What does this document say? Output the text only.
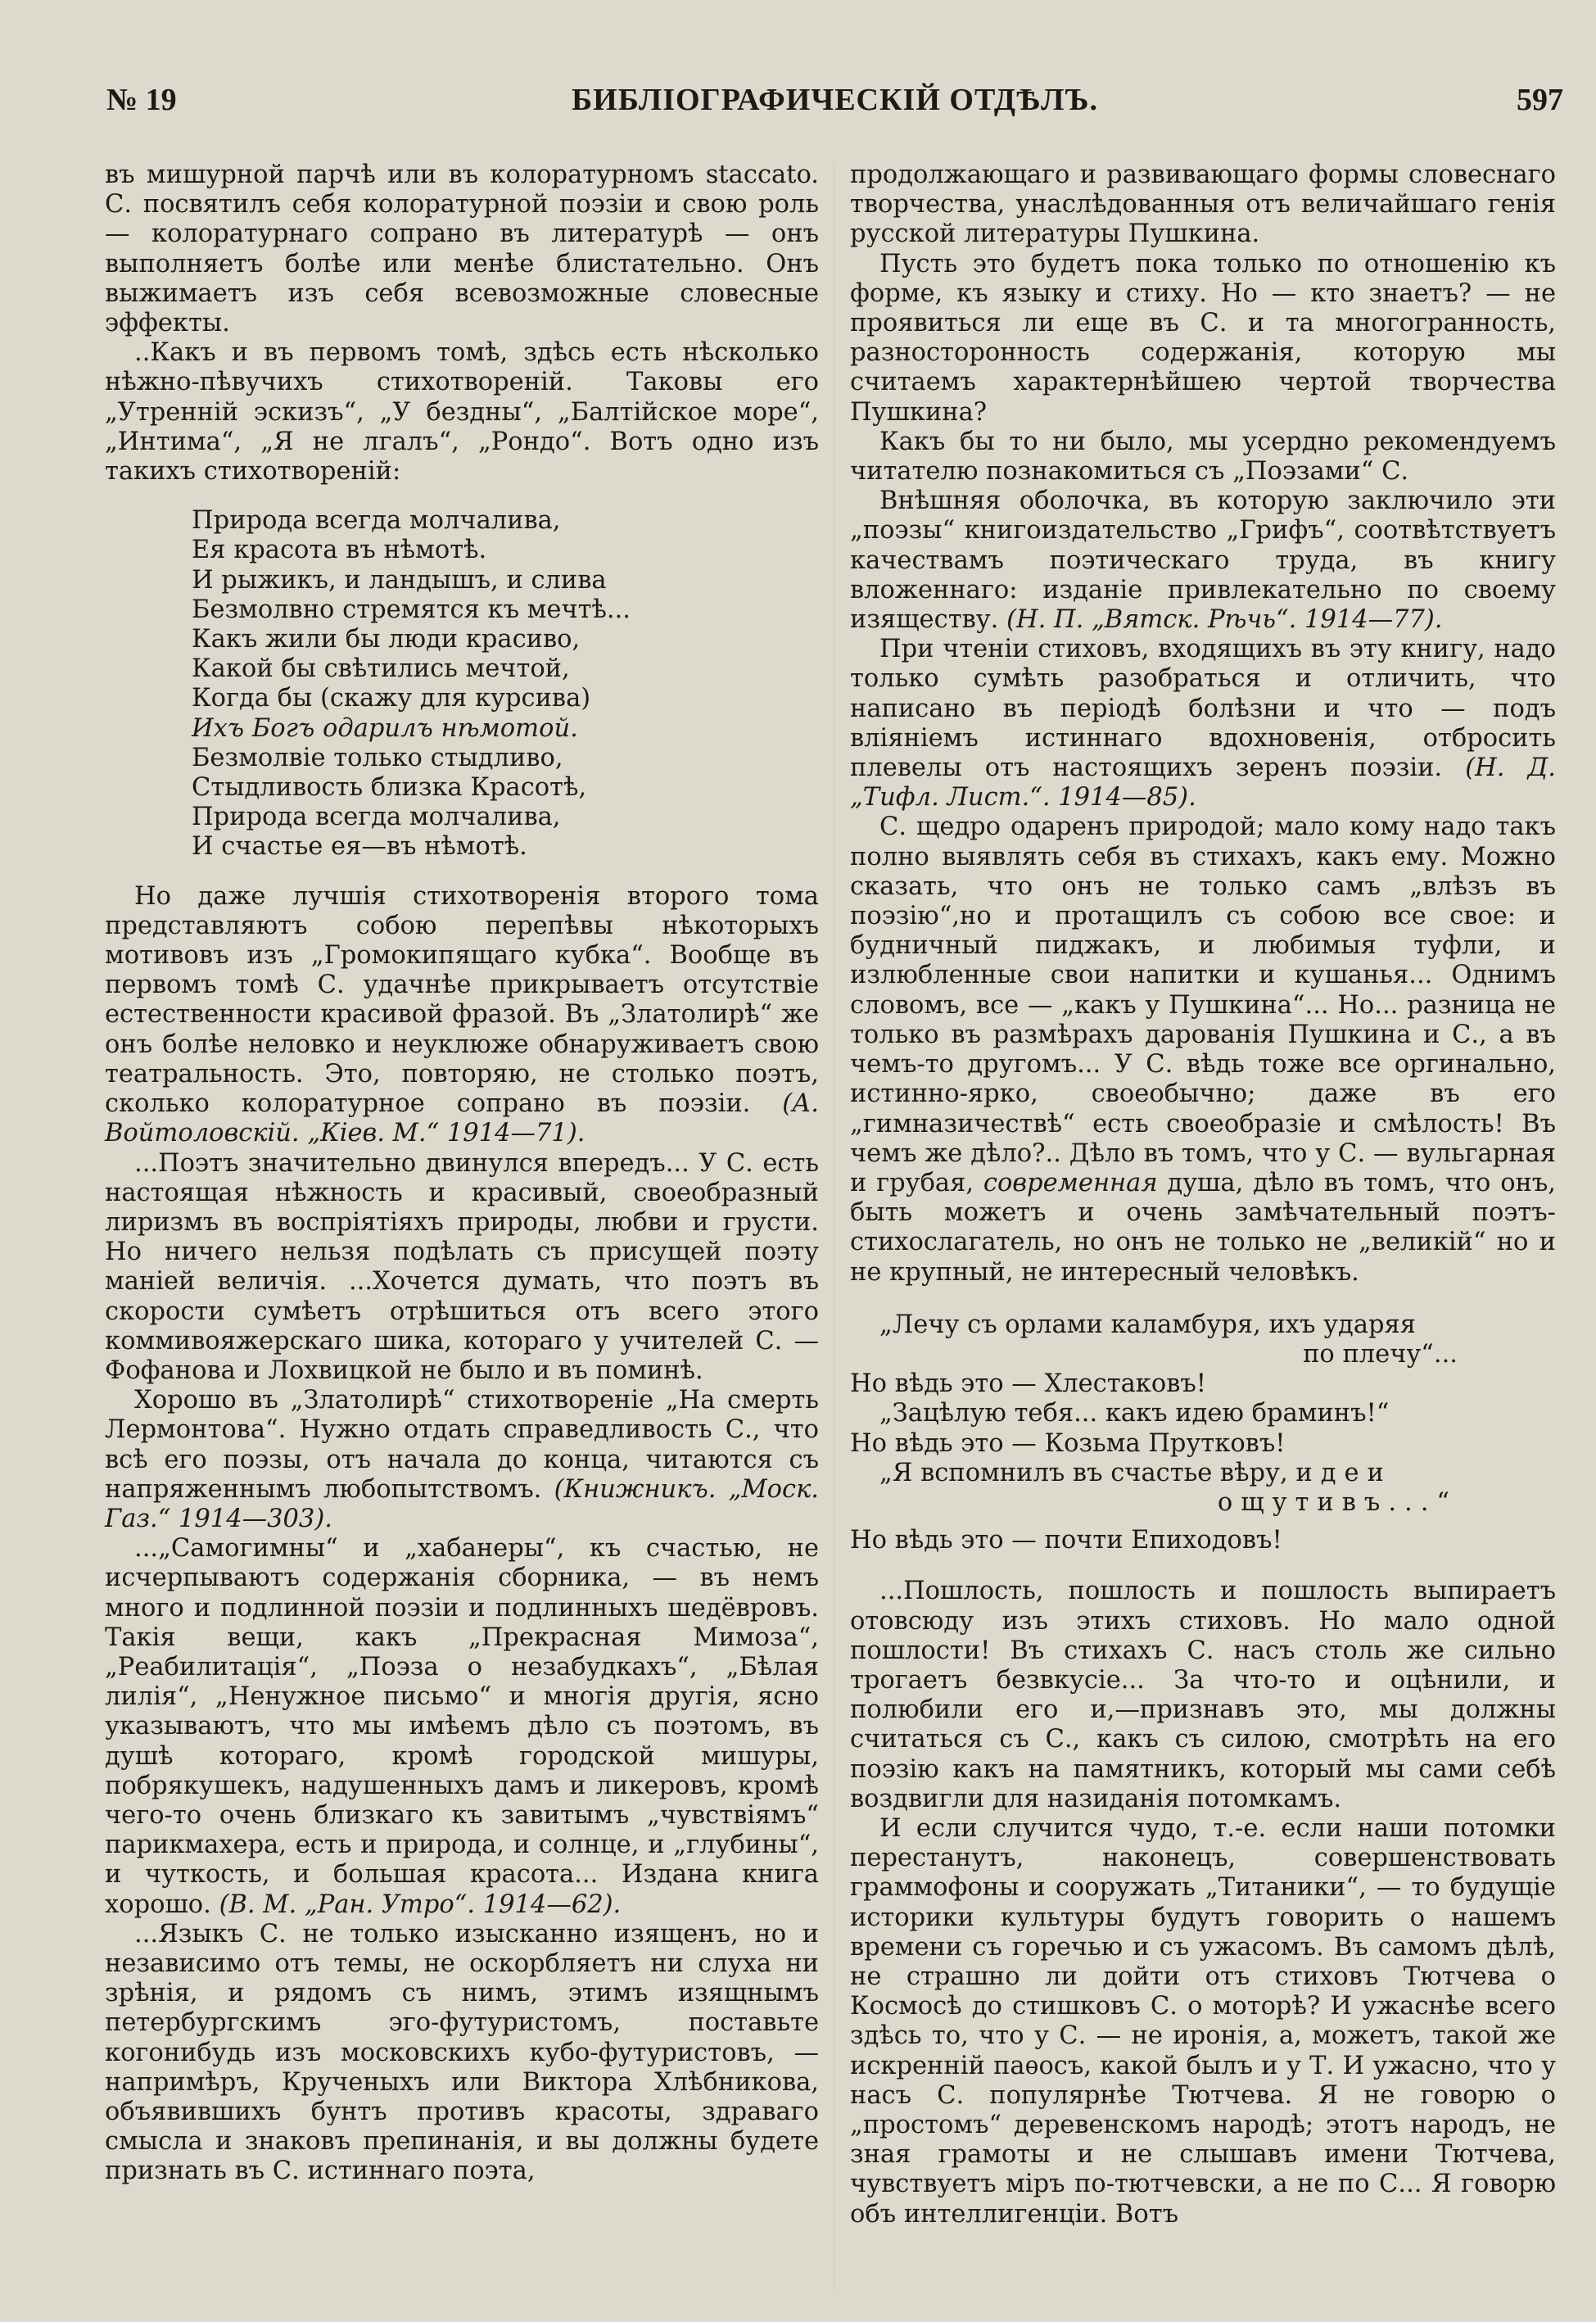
№ 19	БИБЛІОГРАФИЧЕСКІЙ ОТДѢЛЪ.	597

въ мишурной парчѣ или въ колоратурномъ staccato. С. посвятилъ себя колоратурной поэзіи и свою роль — колоратурнаго сопрано въ литературѣ — онъ выполняетъ болѣе или менѣе блистательно. Онъ выжимаетъ изъ себя всевозможные словесные эффекты.

..Какъ и въ первомъ томѣ, здѣсь есть нѣсколько нѣжно-пѣвучихъ стихотвореній. Таковы его „Утренній эскизъ“, „У бездны“, „Балтійское море“, „Интима“, „Я не лгалъ“, „Рондо“. Вотъ одно изъ такихъ стихотвореній:

Природа всегда молчалива,
Ея красота въ нѣмотѣ.
И рыжикъ, и ландышъ, и слива
Безмолвно стремятся къ мечтѣ...
Какъ жили бы люди красиво,
Какой бы свѣтились мечтой,
Когда бы (скажу для курсива)
Ихъ Богъ одарилъ нѣмотой.
Безмолвіе только стыдливо,
Стыдливость близка Красотѣ,
Природа всегда молчалива,
И счастье ея—въ нѣмотѣ.

Но даже лучшія стихотворенія второго тома представляютъ собою перепѣвы нѣкоторыхъ мотивовъ изъ „Громокипящаго кубка“. Вообще въ первомъ томѣ С. удачнѣе прикрываетъ отсутствіе естественности красивой фразой. Въ „Златолирѣ“ же онъ болѣе неловко и неуклюже обнаруживаетъ свою театральность. Это, повторяю, не столько поэтъ, сколько колоратурное сопрано въ поэзіи. (А. Войтоловскій. „Кіев. М.“ 1914—71).

...Поэтъ значительно двинулся впередъ... У С. есть настоящая нѣжность и красивый, своеобразный лиризмъ въ воспріятіяхъ природы, любви и грусти. Но ничего нельзя подѣлать съ присущей поэту маніей величія. ...Хочется думать, что поэтъ въ скорости сумѣетъ отрѣшиться отъ всего этого коммивояжерскаго шика, котораго у учителей С. — Фофанова и Лохвицкой не было и въ поминѣ.

Хорошо въ „Златолирѣ“ стихотвореніе „На смерть Лермонтова“. Нужно отдать справедливость С., что всѣ его поэзы, отъ начала до конца, читаются съ напряженнымъ любопытствомъ. (Книжникъ. „Моск. Газ.“ 1914—303).

...„Самогимны“ и „хабанеры“, къ счастью, не исчерпываютъ содержанія сборника, — въ немъ много и подлинной поэзіи и подлинныхъ шедёвровъ. Такія вещи, какъ „Прекрасная Мимоза“, „Реабилитація“, „Поэза о незабудкахъ“, „Бѣлая лилія“, „Ненужное письмо“ и многія другія, ясно указываютъ, что мы имѣемъ дѣло съ поэтомъ, въ душѣ котораго, кромѣ городской мишуры, побрякушекъ, надушенныхъ дамъ и ликеровъ, кромѣ чего-то очень близкаго къ завитымъ „чувствіямъ“ парикмахера, есть и природа, и солнце, и „глубины“, и чуткость, и большая красота... Издана книга хорошо. (В. М. „Ран. Утро“. 1914—62).

...Языкъ С. не только изысканно изященъ, но и независимо отъ темы, не оскорбляетъ ни слуха ни зрѣнія, и рядомъ съ нимъ, этимъ изящнымъ петербургскимъ эго-футуристомъ, поставьте когонибудь изъ московскихъ кубо-футуристовъ, — напримѣръ, Крученыхъ или Виктора Хлѣбникова, объявившихъ бунтъ противъ красоты, здраваго смысла и знаковъ препинанія, и вы должны будете признать въ С. истиннаго поэта,

продолжающаго и развивающаго формы словеснаго творчества, унаслѣдованныя отъ величайшаго генія русской литературы Пушкина.

Пусть это будетъ пока только по отношенію къ форме, къ языку и стиху. Но — кто знаетъ? — не проявиться ли еще въ С. и та многогранность, разносторонность содержанія, которую мы считаемъ характернѣйшею чертой творчества Пушкина?

Какъ бы то ни было, мы усердно рекомендуемъ читателю познакомиться съ „Поэзами“ С.

Внѣшняя оболочка, въ которую заключило эти „поэзы“ книгоиздательство „Грифъ“, соотвѣтствуетъ качествамъ поэтическаго труда, въ книгу вложеннаго: изданіе привлекательно по своему изяществу. (Н. П. „Вятск. Рѣчь“. 1914—77).

При чтеніи стиховъ, входящихъ въ эту книгу, надо только сумѣть разобраться и отличить, что написано въ періодѣ болѣзни и что — подъ вліяніемъ истиннаго вдохновенія, отбросить плевелы отъ настоящихъ зеренъ поэзіи. (Н. Д. „Тифл. Лист.“. 1914—85).

С. щедро одаренъ природой; мало кому надо такъ полно выявлять себя въ стихахъ, какъ ему. Можно сказать, что онъ не только самъ „влѣзъ въ поэзію“,но и протащилъ съ собою все свое: и будничный пиджакъ, и любимыя туфли, и излюбленные свои напитки и кушанья... Однимъ словомъ, все — „какъ у Пушкина“... Но... разница не только въ размѣрахъ дарованія Пушкина и С., а въ чемъ-то другомъ... У С. вѣдь тоже все оргинально, истинно-ярко, своеобычно; даже въ его „гимназичествѣ“ есть своеобразіе и смѣлость! Въ чемъ же дѣло?.. Дѣло въ томъ, что у С. — вульгарная и грубая, современная душа, дѣло въ томъ, что онъ, быть можетъ и очень замѣчательный поэтъ-стихослагатель, но онъ не только не „великій“ но и не крупный, не интересный человѣкъ.

„Лечу съ орлами каламбуря, ихъ ударяя
по плечу“...
Но вѣдь это — Хлестаковъ!
„Зацѣлую тебя... какъ идею браминъ!“
Но вѣдь это — Козьма Прутковъ!
„Я вспомнилъ въ счастье вѣру, идеи
ощутивъ...“
Но вѣдь это — почти Епиходовъ!

...Пошлость, пошлость и пошлость выпираетъ отовсюду изъ этихъ стиховъ. Но мало одной пошлости! Въ стихахъ С. насъ столь же сильно трогаетъ безвкусіе... За что-то и оцѣнили, и полюбили его и,—признавъ это, мы должны считаться съ С., какъ съ силою, смотрѣть на его поэзію какъ на памятникъ, который мы сами себѣ воздвигли для назиданія потомкамъ.

И если случится чудо, т.-е. если наши потомки перестанутъ, наконецъ, совершенствовать граммофоны и сооружать „Титаники“, — то будущіе историки культуры будутъ говорить о нашемъ времени съ горечью и съ ужасомъ. Въ самомъ дѣлѣ, не страшно ли дойти отъ стиховъ Тютчева о Космосѣ до стишковъ С. о моторѣ? И ужаснѣе всего здѣсь то, что у С. — не иронія, а, можетъ, такой же искренній паѳосъ, какой былъ и у Т. И ужасно, что у насъ С. популярнѣе Тютчева. Я не говорю о „простомъ“ деревенскомъ народѣ; этотъ народъ, не зная грамоты и не слышавъ имени Тютчева, чувствуетъ міръ по-тютчевски, а не по С... Я говорю объ интеллигенціи. Вотъ
